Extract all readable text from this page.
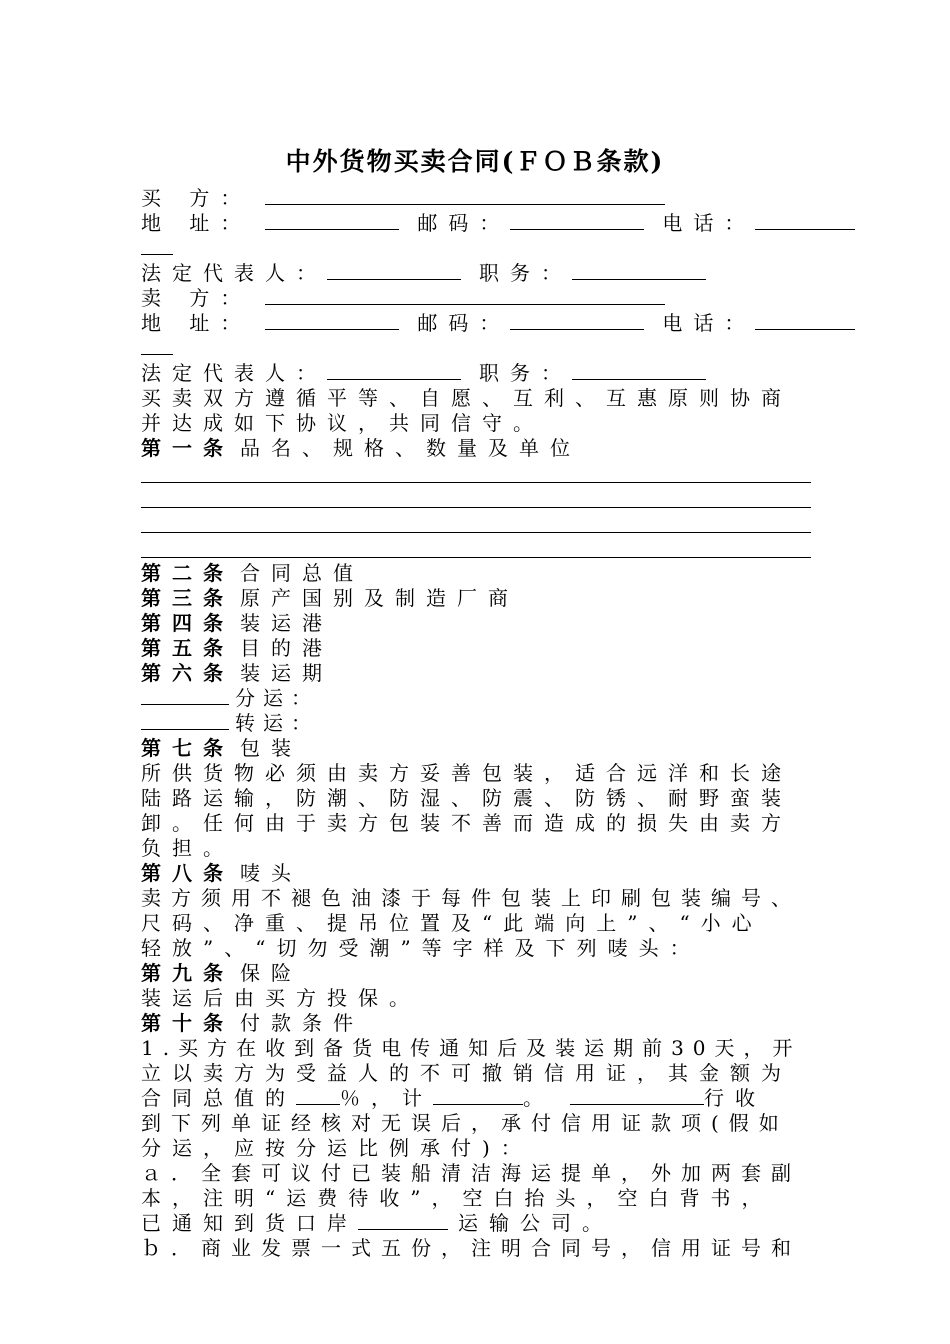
中外货物买卖合同(ＦＯＢ条款)
买 方：
地 址：	邮码：	电话：
法定代表人：	职务：
卖 方：
地 址：	邮码：	电话：
法定代表人：	职务：
买卖双方遵循平等、自愿、互利、互惠原则协商
并达成如下协议，共同信守。
第一条 品名、规格、数量及单位
第二条 合同总值
第三条 原产国别及制造厂商
第四条 装运港
第五条 目的港
第六条 装运期
分运：
转运：
第七条 包装
所供货物必须由卖方妥善包装，适合远洋和长途
陆路运输，防潮、防湿、防震、防锈、耐野蛮装
卸。任何由于卖方包装不善而造成的损失由卖方
负担。
第八条 唛头
卖方须用不褪色油漆于每件包装上印刷包装编号、
尺码、净重、提吊位置及“此端向上”、“小心
轻放”、“切勿受潮”等字样及下列唛头：
第九条 保险
装运后由买方投保。
第十条 付款条件
1.买方在收到备货电传通知后及装运期前30天，开
立以卖方为受益人的不可撤销信用证，其金额为
合同总值的 ％，计	。	行收
到下列单证经核对无误后，承付信用证款项(假如
分运，应按分运比例承付)：
ａ．全套可议付已装船清洁海运提单，外加两套副
本，注明“运费待收”，空白抬头，空白背书，
已通知到货口岸	运输公司。
ｂ．商业发票一式五份，注明合同号，信用证号和
